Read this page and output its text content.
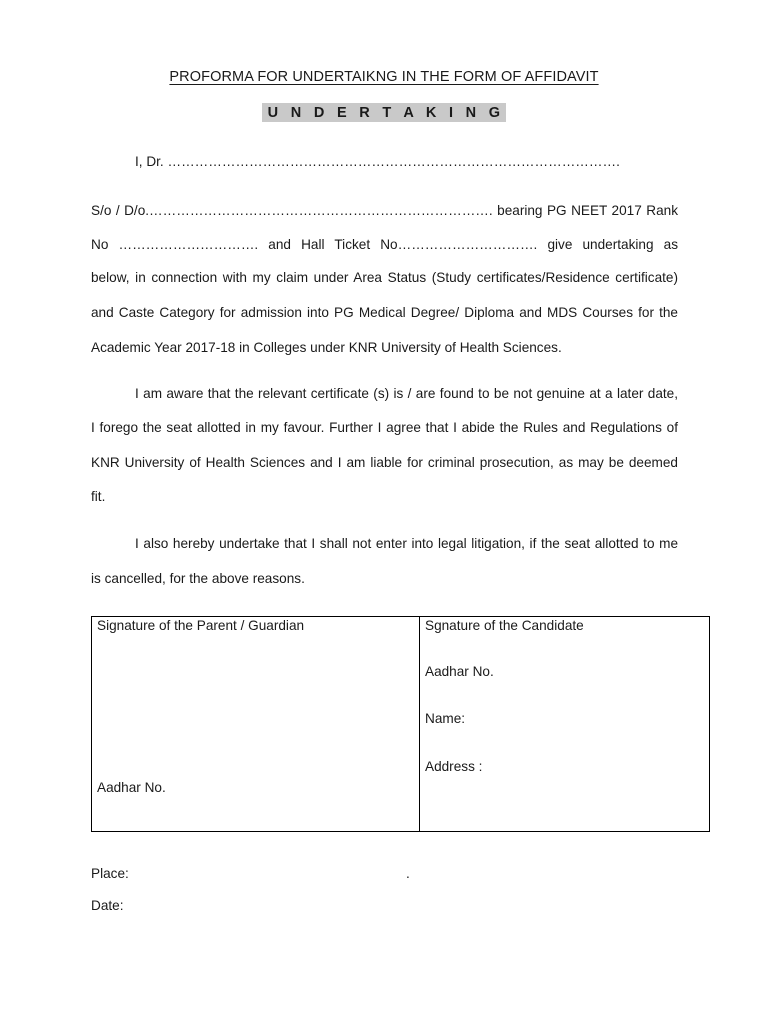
PROFORMA FOR UNDERTAIKNG IN THE FORM OF AFFIDAVIT
U N D E R T A K I N G
I, Dr. ……………………………………………………………………………………….
S/o / D/o.…………………………………………………………………. bearing PG NEET 2017 Rank
No …………………………. and Hall Ticket No…………………………. give undertaking as
below, in connection with my claim under Area Status (Study certificates/Residence certificate)
and Caste Category for admission into PG Medical Degree/ Diploma and MDS Courses for the
Academic Year 2017-18 in Colleges under KNR University of Health Sciences.
I am aware that the relevant certificate (s) is / are found to be not genuine at a later date,
I forego the seat allotted in my favour. Further I agree that I abide the Rules and Regulations of
KNR University of Health Sciences and I am liable for criminal prosecution, as may be deemed
fit.
I also hereby undertake that I shall not enter into legal litigation, if the seat allotted to me
is cancelled, for the above reasons.
Signature of the Parent / Guardian
Aadhar No.
Sgnature of the Candidate
Aadhar No.
Name:
Address :
Place:	.
Date:
